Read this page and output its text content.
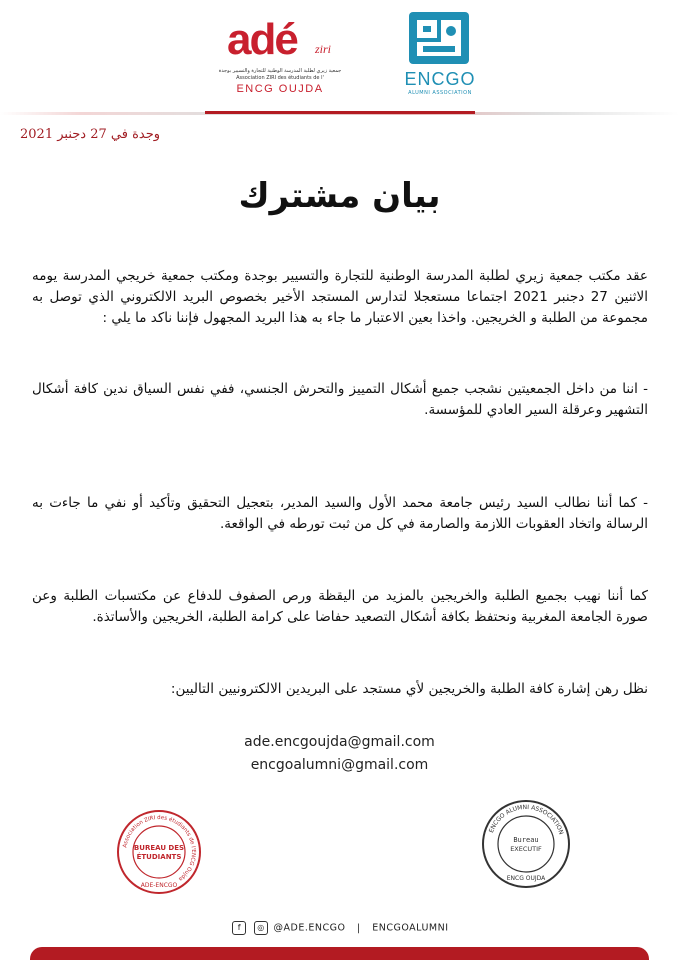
adé ziri
جمعية زيري لطلبة المدرسة الوطنية للتجارة والتسيير بوجدة
Association ZIRI des étudiants de l'
ENCG OUJDA	ENCGO
ALUMNI ASSOCIATION
وجدة في 27 دجنبر 2021
بيان مشترك
عقد مكتب جمعية زيري لطلبة المدرسة الوطنية للتجارة والتسيير بوجدة ومكتب جمعية خريجي المدرسة يومه الاثنين 27 دجنبر 2021 اجتماعا مستعجلا لتدارس المستجد الأخير بخصوص البريد الالكتروني الذي توصل به مجموعة من الطلبة و الخريجين. واخذا بعين الاعتبار ما جاء به هذا البريد المجهول فإننا ناكد ما يلي :
- اننا من داخل الجمعيتين نشجب جميع أشكال التمييز والتحرش الجنسي، ففي نفس السياق ندين كافة أشكال التشهير وعرقلة السير العادي للمؤسسة.
- كما أننا نطالب السيد رئيس جامعة محمد الأول والسيد المدير، بتعجيل التحقيق وتأكيد أو نفي ما جاءت به الرسالة واتخاد العقوبات اللازمة والصارمة في كل من ثبت تورطه في الواقعة.
كما أننا نهيب بجميع الطلبة والخريجين بالمزيد من اليقظة ورص الصفوف للدفاع عن مكتسبات الطلبة وعن صورة الجامعة المغربية ونحتفظ بكافة أشكال التصعيد حفاضا على كرامة الطلبة، الخريجين والأساتذة.
نظل رهن إشارة كافة الطلبة والخريجين لأي مستجد على البريدين الالكترونيين التاليين:
ade.encgoujda@gmail.com
encgoalumni@gmail.com
Association ZIRI des étudiants de l'ENCG Oujda
BUREAU DES
ÉTUDIANTS
ADE-ENCGO
ENCGO ALUMNI ASSOCIATION
Bureau
EXECUTIF
ENCG OUJDA
f ◎ @ADE.ENCGO | ENCGOALUMNI
